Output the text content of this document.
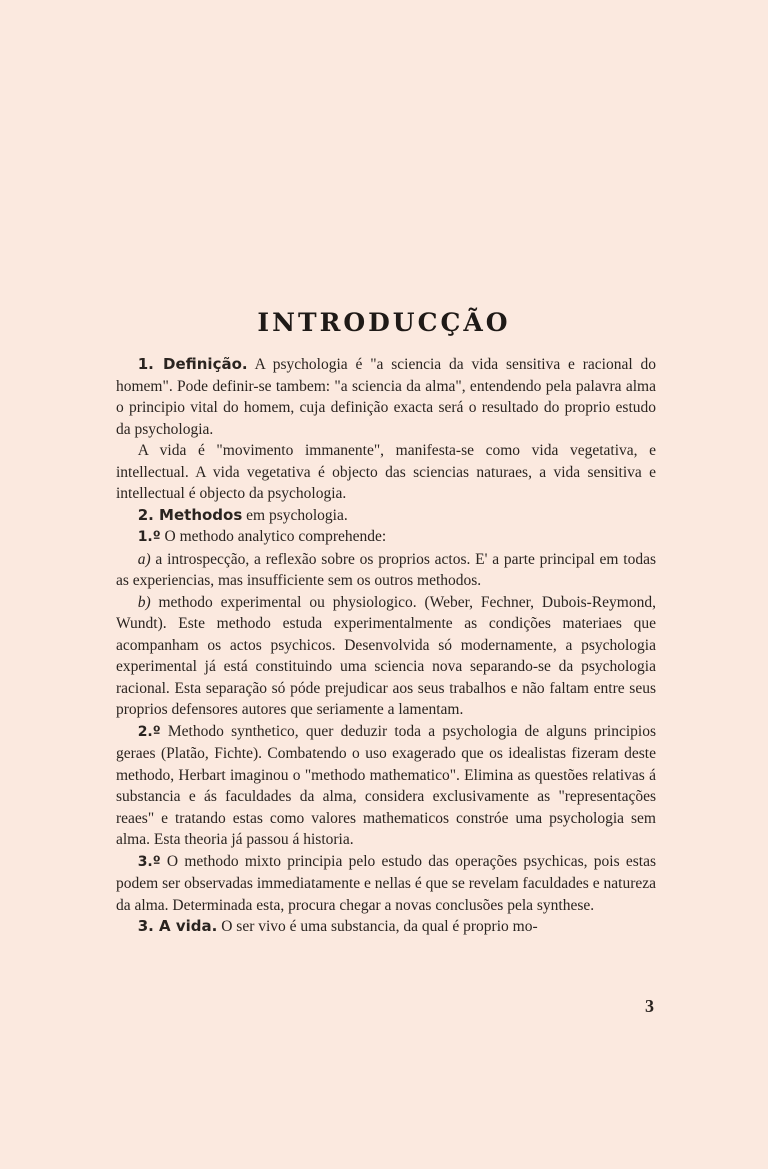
INTRODUCÇÃO

1. Definição. A psychologia é "a sciencia da vida sensitiva e racional do homem". Pode definir-se tambem: "a sciencia da alma", entendendo pela palavra alma o principio vital do homem, cuja definição exacta será o resultado do proprio estudo da psychologia.

A vida é "movimento immanente", manifesta-se como vida vegetativa, e intellectual. A vida vegetativa é objecto das sciencias naturaes, a vida sensitiva e intellectual é objecto da psychologia.

2. Methodos em psychologia.

1.º O methodo analytico comprehende:

a) a introspecção, a reflexão sobre os proprios actos. E' a parte principal em todas as experiencias, mas insufficiente sem os outros methodos.

b) methodo experimental ou physiologico. (Weber, Fechner, Dubois-Reymond, Wundt). Este methodo estuda experimentalmente as condições materiaes que acompanham os actos psychicos. Desenvolvida só modernamente, a psychologia experimental já está constituindo uma sciencia nova separando-se da psychologia racional. Esta separação só póde prejudicar aos seus trabalhos e não faltam entre seus proprios defensores autores que seriamente a lamentam.

2.º Methodo synthetico, quer deduzir toda a psychologia de alguns principios geraes (Platão, Fichte). Combatendo o uso exagerado que os idealistas fizeram deste methodo, Herbart imaginou o "methodo mathematico". Elimina as questões relativas á substancia e ás faculdades da alma, considera exclusivamente as "representações reaes" e tratando estas como valores mathematicos constróe uma psychologia sem alma. Esta theoria já passou á historia.

3.º O methodo mixto principia pelo estudo das operações psychicas, pois estas podem ser observadas immediatamente e nellas é que se revelam faculdades e natureza da alma. Determinada esta, procura chegar a novas conclusões pela synthese.

3. A vida. O ser vivo é uma substancia, da qual é proprio mo-

3
